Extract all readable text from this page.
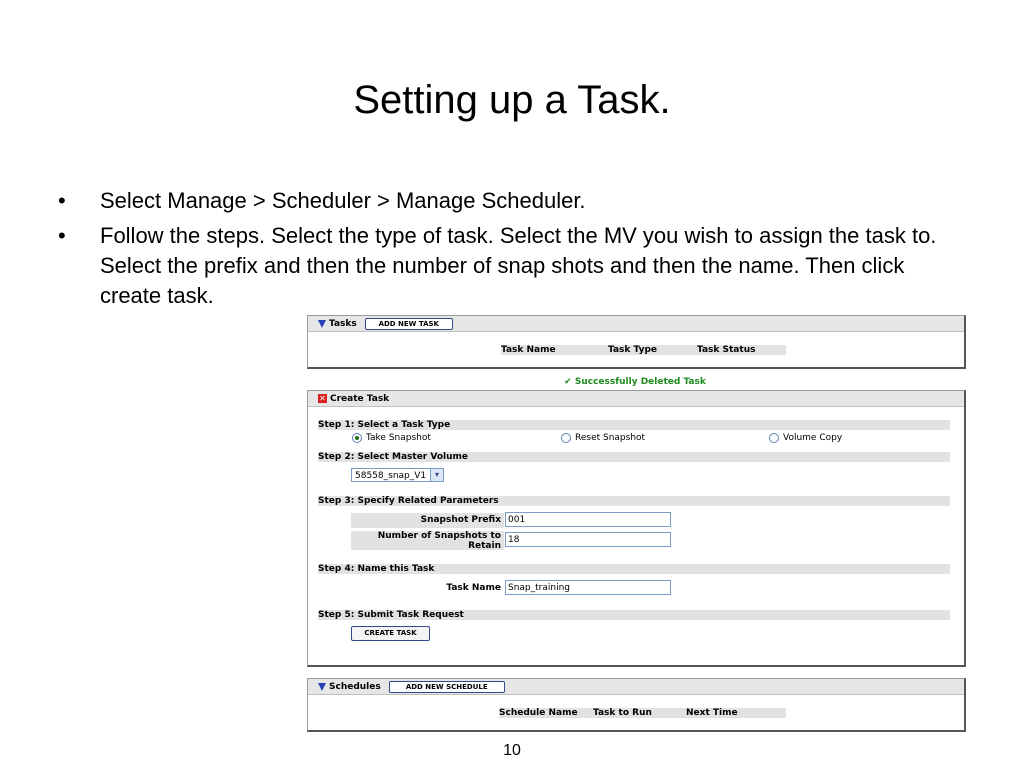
Setting up a Task.
• Select Manage > Scheduler > Manage Scheduler.
• Follow the steps. Select the type of task. Select the MV you wish to assign the task to. Select the prefix and then the number of snap shots and then the name. Then click create task.
Tasks	ADD NEW TASK
Task Name	Task Type	Task Status
✔ Successfully Deleted Task
✕ Create Task
Step 1: Select a Task Type
Take Snapshot	Reset Snapshot	Volume Copy
Step 2: Select Master Volume
58558_snap_V1	▾
Step 3: Specify Related Parameters
Snapshot Prefix 001
Number of Snapshots to
Retain
18
Step 4: Name this Task
Task Name Snap_training
Step 5: Submit Task Request
CREATE TASK
Schedules	ADD NEW SCHEDULE
Schedule Name	Task to Run	Next Time
10
